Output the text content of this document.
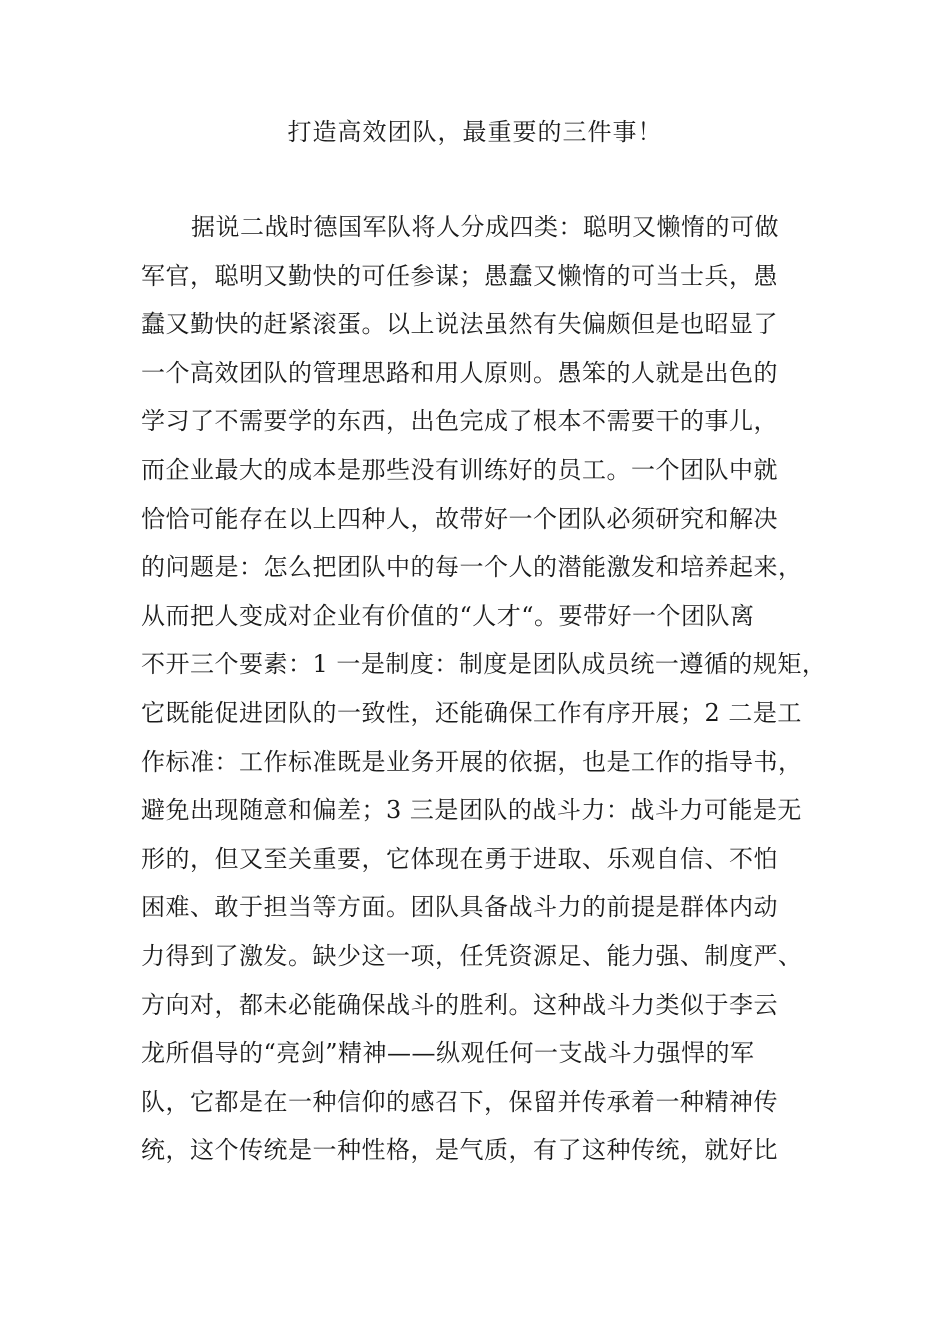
打造高效团队，最重要的三件事！
据说二战时德国军队将人分成四类：聪明又懒惰的可做
军官，聪明又勤快的可任参谋；愚蠢又懒惰的可当士兵，愚
蠢又勤快的赶紧滚蛋。以上说法虽然有失偏颇但是也昭显了
一个高效团队的管理思路和用人原则。愚笨的人就是出色的
学习了不需要学的东西，出色完成了根本不需要干的事儿，
而企业最大的成本是那些没有训练好的员工。一个团队中就
恰恰可能存在以上四种人，故带好一个团队必须研究和解决
的问题是：怎么把团队中的每一个人的潜能激发和培养起来，
从而把人变成对企业有价值的“人才“。要带好一个团队离
不开三个要素：1 一是制度：制度是团队成员统一遵循的规矩，
它既能促进团队的一致性，还能确保工作有序开展；2 二是工
作标准：工作标准既是业务开展的依据，也是工作的指导书，
避免出现随意和偏差；3 三是团队的战斗力：战斗力可能是无
形的，但又至关重要，它体现在勇于进取、乐观自信、不怕
困难、敢于担当等方面。团队具备战斗力的前提是群体内动
力得到了激发。缺少这一项，任凭资源足、能力强、制度严、
方向对，都未必能确保战斗的胜利。这种战斗力类似于李云
龙所倡导的“亮剑”精神——纵观任何一支战斗力强悍的军
队，它都是在一种信仰的感召下，保留并传承着一种精神传
统，这个传统是一种性格，是气质，有了这种传统，就好比
